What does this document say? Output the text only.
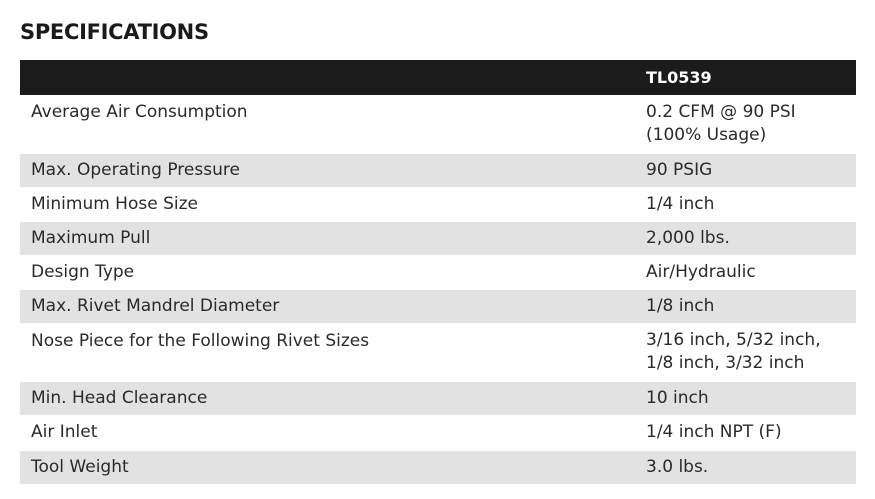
SPECIFICATIONS
	TL0539

Average Air Consumption	0.2 CFM @ 90 PSI
(100% Usage)

Max. Operating Pressure	90 PSIG

Minimum Hose Size	1/4 inch

Maximum Pull	2,000 lbs.

Design Type	Air/Hydraulic

Max. Rivet Mandrel Diameter	1/8 inch

Nose Piece for the Following Rivet Sizes	3/16 inch, 5/32 inch,
1/8 inch, 3/32 inch

Min. Head Clearance	10 inch

Air Inlet	1/4 inch NPT (F)

Tool Weight	3.0 lbs.
